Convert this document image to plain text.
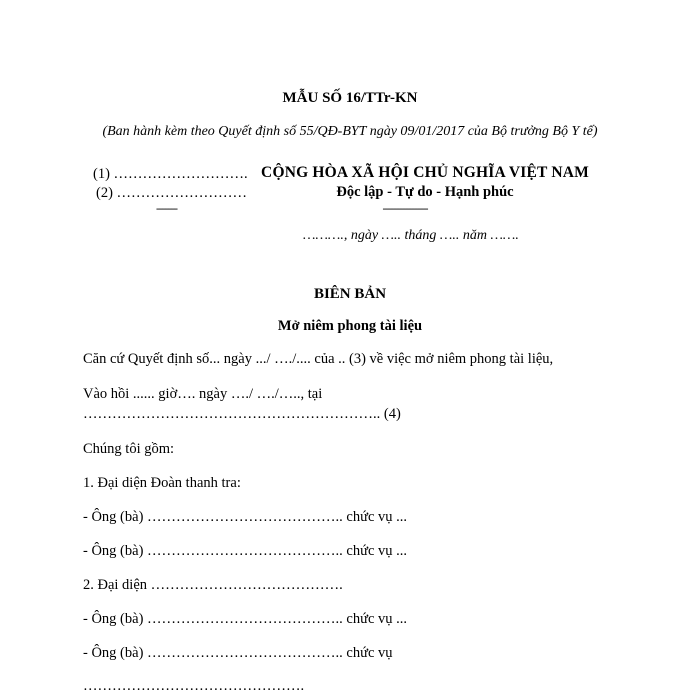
MẪU SỐ 16/TTr-KN
(Ban hành kèm theo Quyết định số 55/QĐ-BYT ngày 09/01/2017 của Bộ trưởng Bộ Y tế)
(1) ……………………….
(2) ………………………
-------
CỘNG HÒA XÃ HỘI CHỦ NGHĨA VIỆT NAM
Độc lập - Tự do - Hạnh phúc
---------------
………., ngày ….. tháng ….. năm …….
BIÊN BẢN
Mở niêm phong tài liệu
Căn cứ Quyết định số... ngày .../ …./.... của .. (3) về việc mở niêm phong tài liệu,
Vào hồi ...... giờ…. ngày …./ …./….., tại
…………………………………………………….. (4)
Chúng tôi gồm:
1. Đại diện Đoàn thanh tra:
- Ông (bà) ………………………………….. chức vụ ...
- Ông (bà) ………………………………….. chức vụ ...
2. Đại diện ………………………………….
- Ông (bà) ………………………………….. chức vụ ...
- Ông (bà) ………………………………….. chức vụ
……………………………………….
